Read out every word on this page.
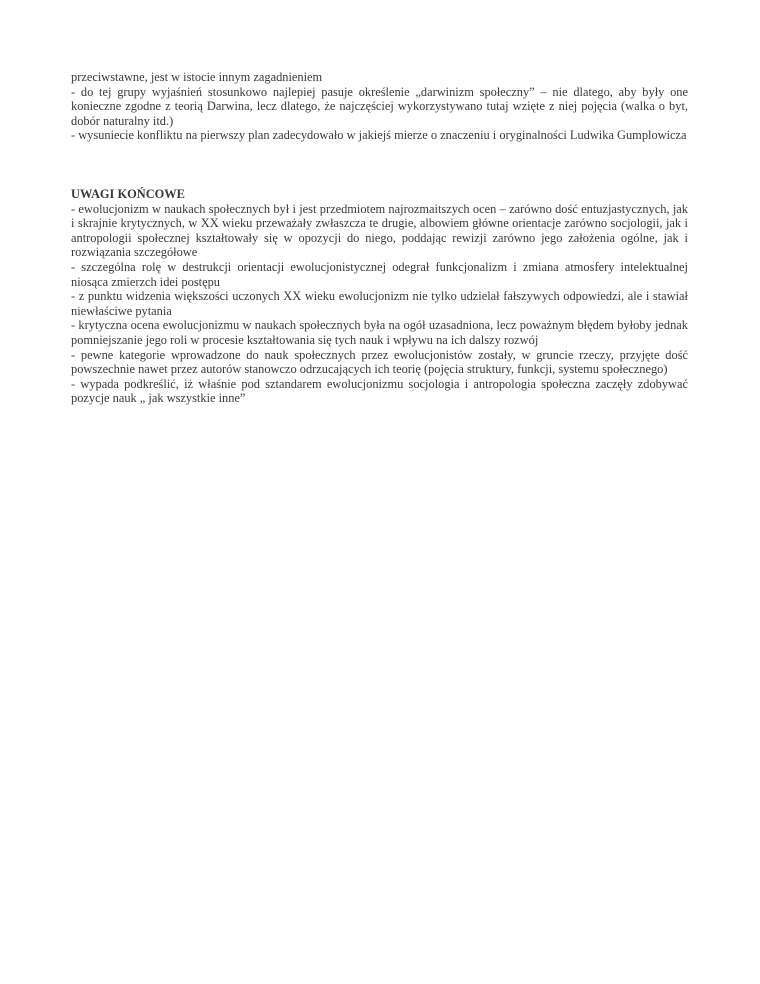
przeciwstawne, jest w istocie innym zagadnieniem

- do tej grupy wyjaśnień stosunkowo najlepiej pasuje określenie „darwinizm społeczny” – nie dlatego, aby były one konieczne zgodne z teorią Darwina, lecz dlatego, że najczęściej wykorzystywano tutaj wzięte z niej pojęcia (walka o byt, dobór naturalny itd.)

- wysuniecie konfliktu na pierwszy plan zadecydowało w jakiejś mierze o znaczeniu i oryginalności Ludwika Gumplowicza

UWAGI KOŃCOWE

- ewolucjonizm w naukach społecznych był i jest przedmiotem najrozmaitszych ocen – zarówno dość entuzjastycznych, jak i skrajnie krytycznych, w XX wieku przeważały zwłaszcza te drugie, albowiem główne orientacje zarówno socjologii, jak i antropologii społecznej kształtowały się w opozycji do niego, poddając rewizji zarówno jego założenia ogólne, jak i rozwiązania szczegółowe

- szczególna rolę w destrukcji orientacji ewolucjonistycznej odegrał funkcjonalizm i zmiana atmosfery intelektualnej niosąca zmierzch idei postępu

- z punktu widzenia większości uczonych XX wieku ewolucjonizm nie tylko udzielał fałszywych odpowiedzi, ale i stawiał niewłaściwe pytania

- krytyczna ocena ewolucjonizmu w naukach społecznych była na ogół uzasadniona, lecz poważnym błędem byłoby jednak pomniejszanie jego roli w procesie kształtowania się tych nauk i wpływu na ich dalszy rozwój

- pewne kategorie wprowadzone do nauk społecznych przez ewolucjonistów zostały, w gruncie rzeczy, przyjęte dość powszechnie nawet przez autorów stanowczo odrzucających ich teorię (pojęcia struktury, funkcji, systemu społecznego)

- wypada podkreślić, iż właśnie pod sztandarem ewolucjonizmu socjologia i antropologia społeczna zaczęły zdobywać pozycje nauk „ jak wszystkie inne”
